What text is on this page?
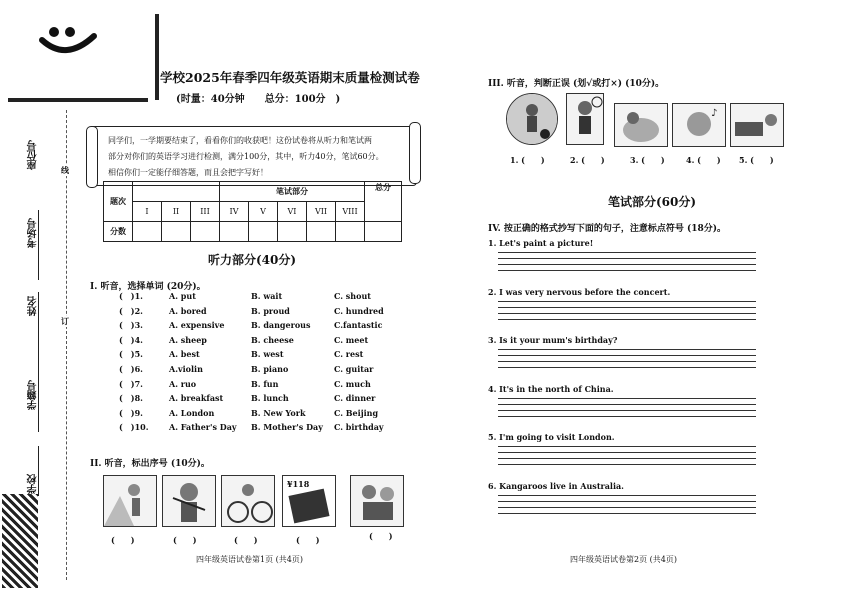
座位号
考场号
姓名
学籍号
学校
线
订
学校2025年春季四年级英语期末质量检测试卷
(时量：40分钟　　总分：100分　)
同学们，一学期要结束了，看看你们的收获吧！这份试卷将从听力和笔试两
部分对你们的英语学习进行检测，满分100分，其中，听力40分，笔试60分。
相信你们一定能仔细答题，而且会把字写好！
题次				笔试部分					总分
	I	II	III	IV	V	VI	VII	VIII	
分数									
听力部分(40分)
I. 听音，选择单词 (20分)。
(　)1.	A. put	B. wait	C. shout
(　)2.	A. bored	B. proud	C. hundred
(　)3.	A. expensive	B. dangerous	C.fantastic
(　)4.	A. sheep	B. cheese	C. meet
(　)5.	A. best	B. west	C. rest
(　)6.	A.violin	B. piano	C. guitar
(　)7.	A. ruo	B. fun	C. much
(　)8.	A. breakfast	B. lunch	C. dinner
(　)9.	A. London	B. New York	C. Beijing
(　)10.	A. Father's Day B. Mother's Day C. birthday
II. 听音，标出序号 (10分)。
¥118
(　　)	(　　)	(　　)	(　　)	(　　)
四年级英语试卷第1页 (共4页)
III. 听音，判断正误 (划√或打×) (10分)。
♪
1. (　　)	2. (　　)	3. (　　)	4. (　　) 5. (　　)
笔试部分(60分)
IV. 按正确的格式抄写下面的句子，注意标点符号 (18分)。
1. Let's paint a picture!
2. I was very nervous before the concert.
3. Is it your mum's birthday?
4. It's in the north of China.
5. I'm going to visit London.
6. Kangaroos live in Australia.
四年级英语试卷第2页 (共4页)
